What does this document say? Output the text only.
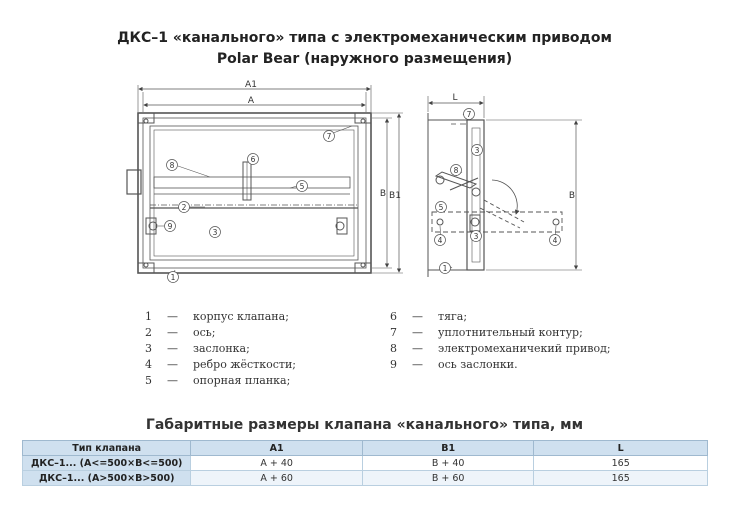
ДКС–1 «канального» типа с электромеханическим приводом
Polar Bear (наружного размещения)
A1
A
B B1
7
6
8
5
2
9
3
1
L
B
7
3
8
5
3
4	4
1
1	—	корпус клапана;
2	—	ось;
3	—	заслонка;
4	—	ребро жёсткости;
5	—	опорная планка;
6	—	тяга;
7	—	уплотнительный контур;
8	—	электромеханичекий привод;
9	—	ось заслонки.
Габаритные размеры клапана «канального» типа, мм
Тип клапана	A1	B1	L
ДКС–1... (A<=500×B<=500)	A + 40	B + 40	165
ДКС–1... (A>500×B>500)	A + 60	B + 60	165
